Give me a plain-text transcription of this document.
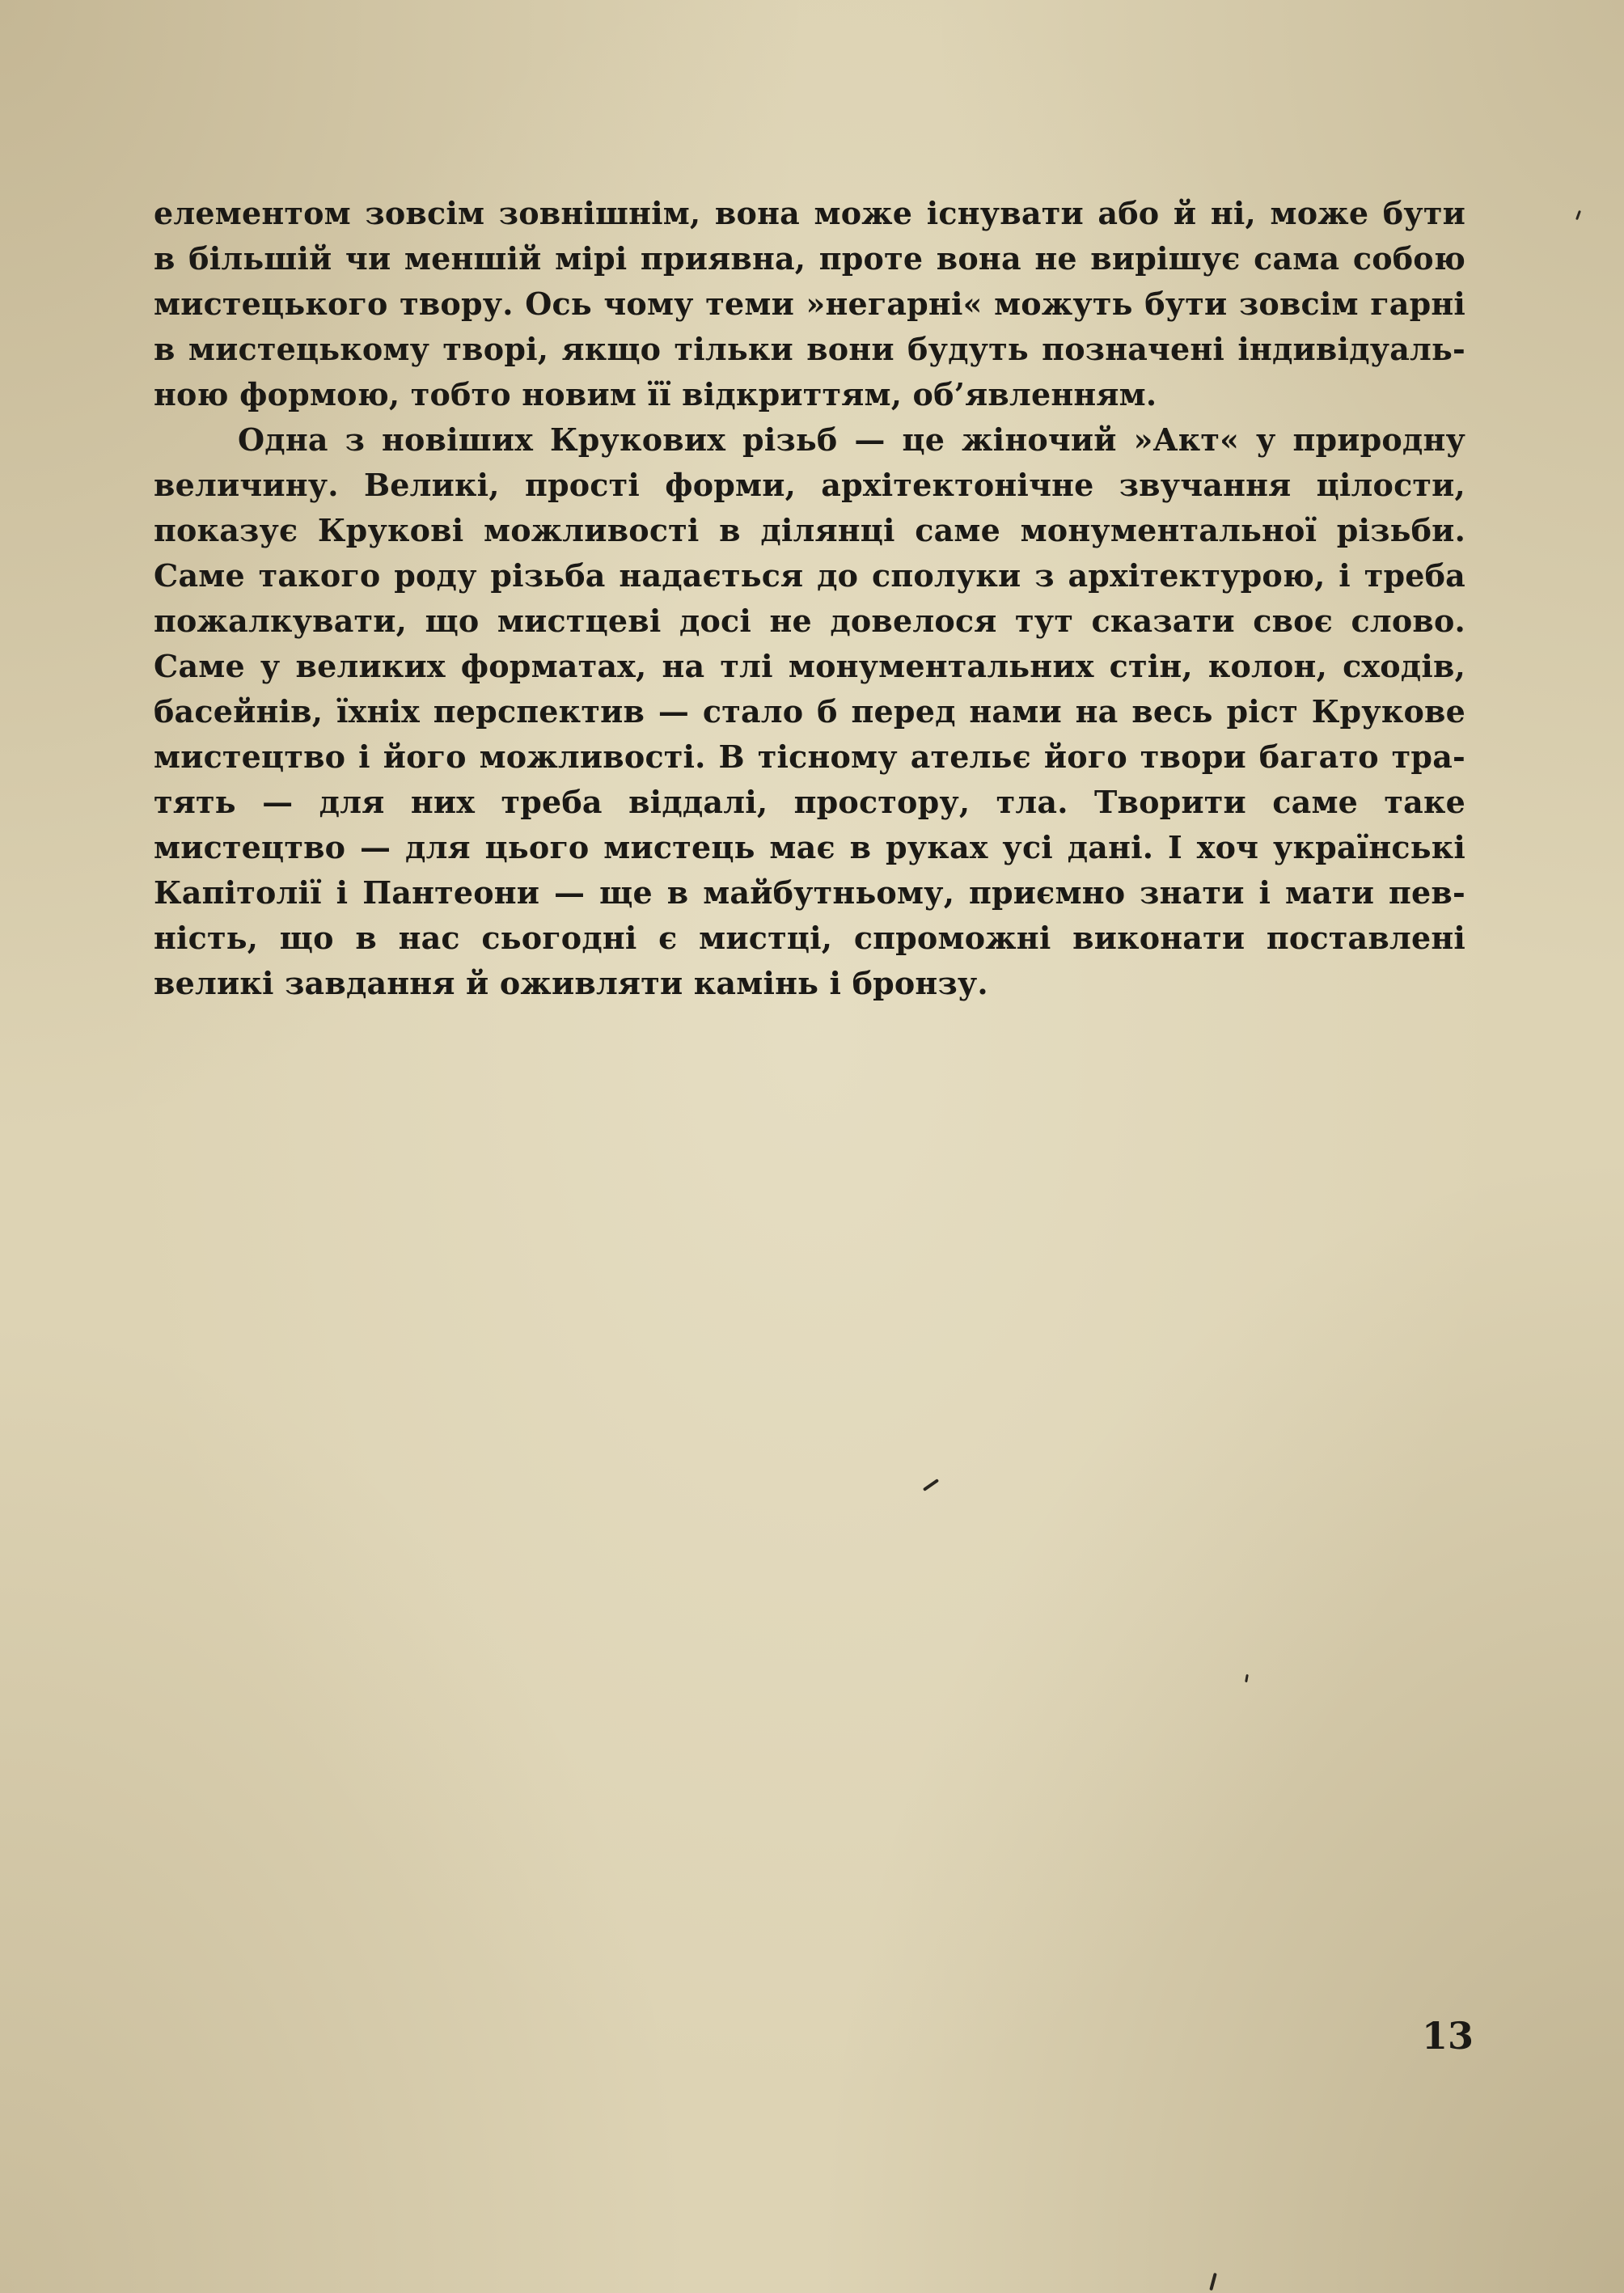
елементом зовсім зовнішнім, вона може існувати або й ні, може бути
в більшій чи меншій мірі приявна, проте вона не вирішує сама собою
мистецького твору. Ось чому теми »негарні« можуть бути зовсім гарні
в мистецькому творі, якщо тільки вони будуть позначені індивідуаль-
ною формою, тобто новим її відкриттям, об’явленням.
Одна з новіших Крукових різьб — це жіночий »Акт« у природну
величину. Великі, прості форми, архітектонічне звучання цілости,
показує Крукові можливості в ділянці саме монументальної різьби.
Саме такого роду різьба надається до сполуки з архітектурою, і треба
пожалкувати, що мистцеві досі не довелося тут сказати своє слово.
Саме у великих форматах, на тлі монументальних стін, колон, сходів,
басейнів, їхніх перспектив — стало б перед нами на весь ріст Крукове
мистецтво і його можливості. В тісному ательє його твори багато тра-
тять — для них треба віддалі, простору, тла. Творити саме таке
мистецтво — для цього мистець має в руках усі дані. І хоч українські
Капітолії і Пантеони — ще в майбутньому, приємно знати і мати пев-
ність, що в нас сьогодні є мистці, спроможні виконати поставлені
великі завдання й оживляти камінь і бронзу.
13
